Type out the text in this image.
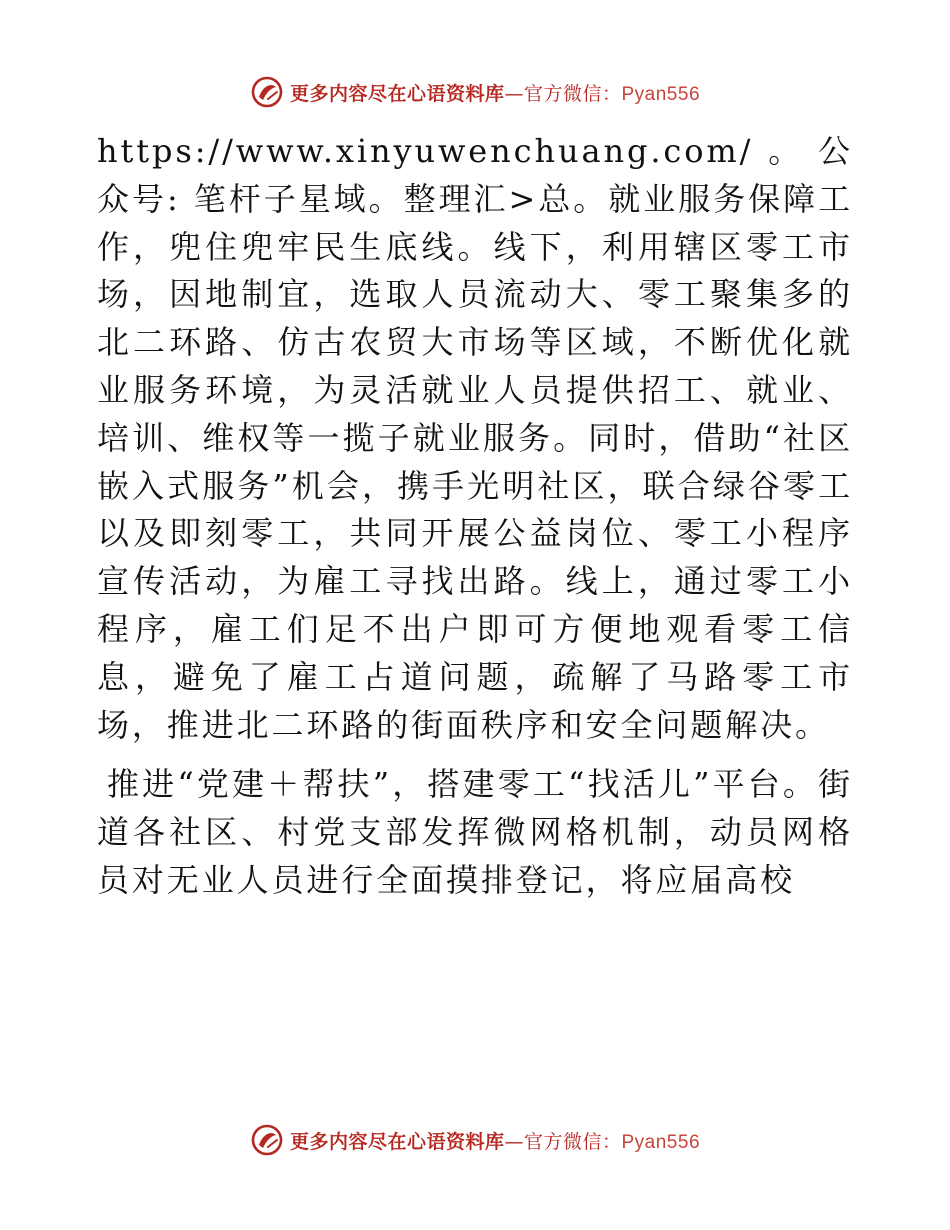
更多内容尽在心语资料库—官方微信：Pyan556

https://www.xinyuwenchuang.com/。公众号: 笔杆子星域。整理汇>总。就业服务保障工作，兜住兜牢民生底线。线下，利用辖区零工市场，因地制宜，选取人员流动大、零工聚集多的北二环路、仿古农贸大市场等区域，不断优化就业服务环境，为灵活就业人员提供招工、就业、培训、维权等一揽子就业服务。同时，借助“社区嵌入式服务”机会，携手光明社区，联合绿谷零工以及即刻零工，共同开展公益岗位、零工小程序宣传活动，为雇工寻找出路。线上，通过零工小程序，雇工们足不出户即可方便地观看零工信息，避免了雇工占道问题，疏解了马路零工市场，推进北二环路的街面秩序和安全问题解决。

推进“党建＋帮扶”，搭建零工“找活儿”平台。街道各社区、村党支部发挥微网格机制，动员网格员对无业人员进行全面摸排登记，将应届高校

更多内容尽在心语资料库—官方微信：Pyan556
